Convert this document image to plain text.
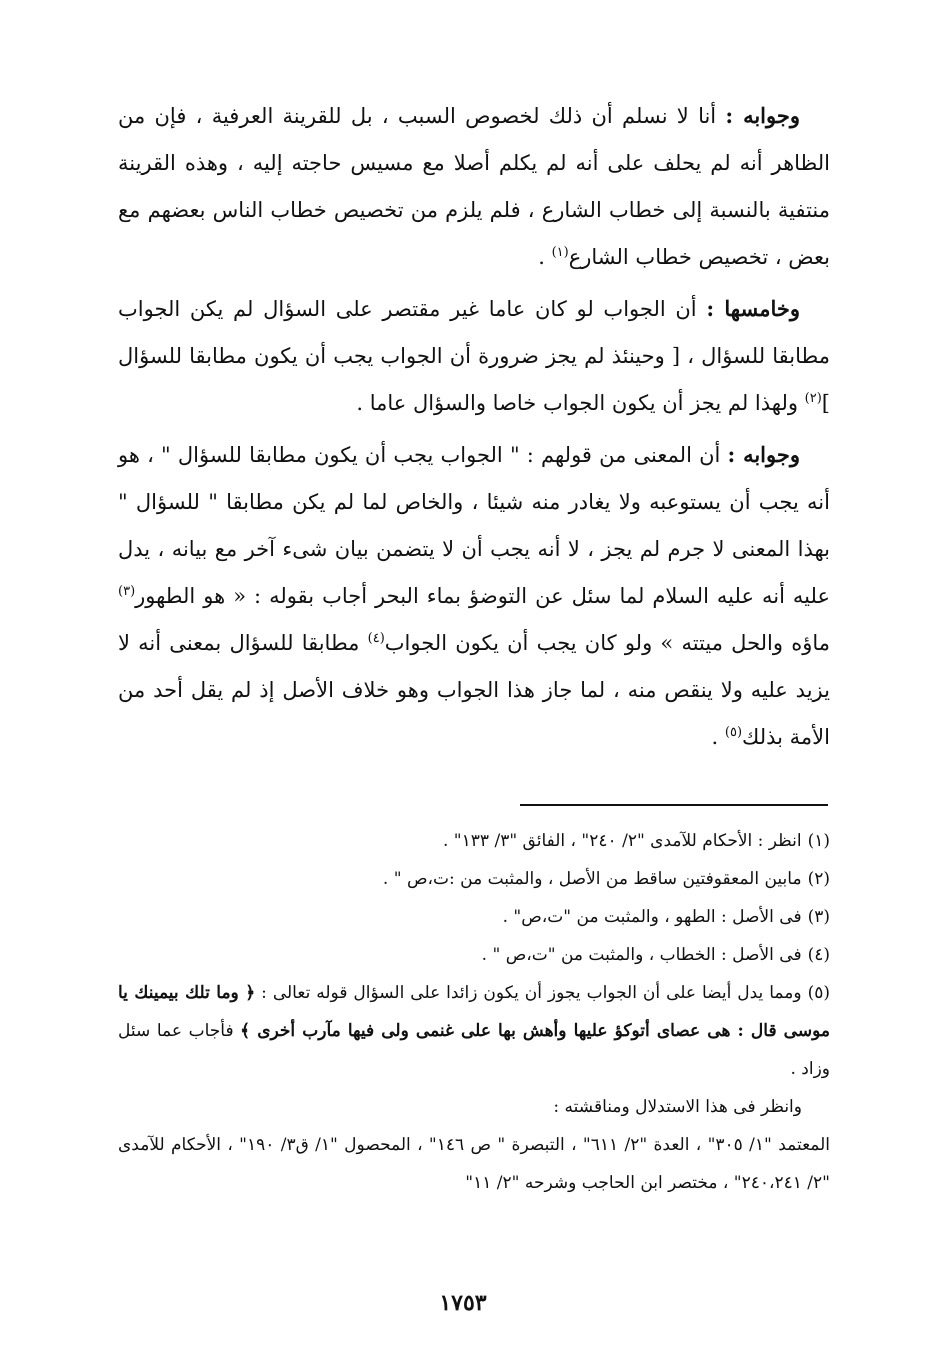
وجوابه : أنا لا نسلم أن ذلك لخصوص السبب ، بل للقرينة العرفية ، فإن من الظاهر أنه لم يحلف على أنه لم يكلم أصلا مع مسيس حاجته إليه ، وهذه القرينة منتفية بالنسبة إلى خطاب الشارع ، فلم يلزم من تخصيص خطاب الناس بعضهم مع بعض ، تخصيص خطاب الشارع$^{(١)}$ .

وخامسها : أن الجواب لو كان عاما غير مقتصر على السؤال لم يكن الجواب مطابقا للسؤال ، [ وحينئذ لم يجز ضرورة أن الجواب يجب أن يكون مطابقا للسؤال ]$^{(٢)}$ ولهذا لم يجز أن يكون الجواب خاصا والسؤال عاما .

وجوابه : أن المعنى من قولهم : " الجواب يجب أن يكون مطابقا للسؤال " ، هو أنه يجب أن يستوعبه ولا يغادر منه شيئا ، والخاص لما لم يكن مطابقا " للسؤال " بهذا المعنى لا جرم لم يجز ، لا أنه يجب أن لا يتضمن بيان شىء آخر مع بيانه ، يدل عليه أنه عليه السلام لما سئل عن التوضؤ بماء البحر أجاب بقوله : « هو الطهور$^{(٣)}$ ماؤه والحل ميتته » ولو كان يجب أن يكون الجواب$^{(٤)}$ مطابقا للسؤال بمعنى أنه لا يزيد عليه ولا ينقص منه ، لما جاز هذا الجواب وهو خلاف الأصل إذ لم يقل أحد من الأمة بذلك$^{(٥)}$ .

(١)انظر : الأحكام للآمدى "٢/ ٢٤٠" ، الفائق "٣/ ١٣٣" .

(٢)مابين المعقوفتين ساقط من الأصل ، والمثبت من :ت،ص " .

(٣)فى الأصل : الطهو ، والمثبت من "ت،ص" .

(٤)فى الأصل : الخطاب ، والمثبت من "ت،ص " .

(٥)ومما يدل أيضا على أن الجواب يجوز أن يكون زائدا على السؤال قوله تعالى : ﴿ وما تلك بيمينك يا موسى قال : هى عصاى أتوكؤ عليها وأهش بها على غنمى ولى فيها مآرب أخرى ﴾ فأجاب عما سئل وزاد .

وانظر فى هذا الاستدلال ومناقشته :

المعتمد "١/ ٣٠٥" ، العدة "٢/ ٦١١" ، التبصرة " ص ١٤٦" ، المحصول "١/ ق٣/ ١٩٠" ، الأحكام للآمدى "٢/ ٢٤٠،٢٤١" ، مختصر ابن الحاجب وشرحه "٢/ ١١"

١٧٥٣
